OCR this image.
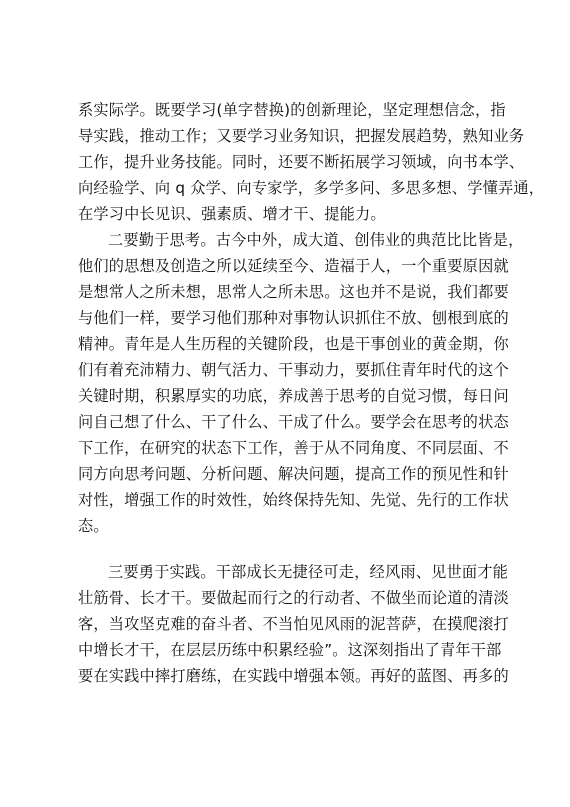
系实际学。既要学习(单字替换)的创新理论，坚定理想信念，指
导实践，推动工作；又要学习业务知识，把握发展趋势，熟知业务
工作，提升业务技能。同时，还要不断拓展学习领域，向书本学、
向经验学、向 q 众学、向专家学，多学多问、多思多想、学懂弄通，
在学习中长见识、强素质、增才干、提能力。
二要勤于思考。古今中外，成大道、创伟业的典范比比皆是，
他们的思想及创造之所以延续至今、造福于人，一个重要原因就
是想常人之所未想，思常人之所未思。这也并不是说，我们都要
与他们一样，要学习他们那种对事物认识抓住不放、刨根到底的
精神。青年是人生历程的关键阶段，也是干事创业的黄金期，你
们有着充沛精力、朝气活力、干事动力，要抓住青年时代的这个
关键时期，积累厚实的功底，养成善于思考的自觉习惯，每日问
问自己想了什么、干了什么、干成了什么。要学会在思考的状态
下工作，在研究的状态下工作，善于从不同角度、不同层面、不
同方向思考问题、分析问题、解决问题，提高工作的预见性和针
对性，增强工作的时效性，始终保持先知、先觉、先行的工作状
态。
三要勇于实践。干部成长无捷径可走，经风雨、见世面才能
壮筋骨、长才干。要做起而行之的行动者、不做坐而论道的清淡
客，当攻坚克难的奋斗者、不当怕见风雨的泥菩萨，在摸爬滚打
中增长才干，在层层历练中积累经验”。这深刻指出了青年干部
要在实践中摔打磨练，在实践中增强本领。再好的蓝图、再多的
